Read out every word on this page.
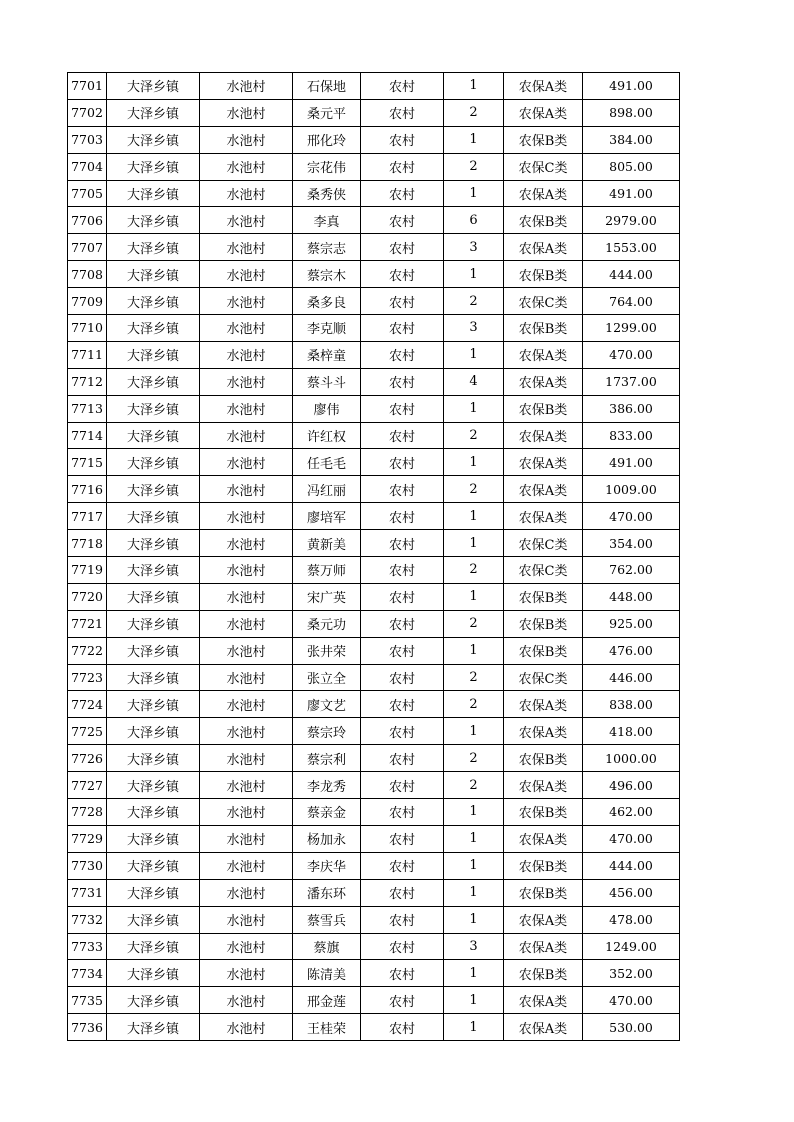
7701	大泽乡镇	水池村	石保地	农村	1	农保A类	491.00
7702	大泽乡镇	水池村	桑元平	农村	2	农保A类	898.00
7703	大泽乡镇	水池村	邢化玲	农村	1	农保B类	384.00
7704	大泽乡镇	水池村	宗花伟	农村	2	农保C类	805.00
7705	大泽乡镇	水池村	桑秀侠	农村	1	农保A类	491.00
7706	大泽乡镇	水池村	李真	农村	6	农保B类	2979.00
7707	大泽乡镇	水池村	蔡宗志	农村	3	农保A类	1553.00
7708	大泽乡镇	水池村	蔡宗木	农村	1	农保B类	444.00
7709	大泽乡镇	水池村	桑多良	农村	2	农保C类	764.00
7710	大泽乡镇	水池村	李克顺	农村	3	农保B类	1299.00
7711	大泽乡镇	水池村	桑梓童	农村	1	农保A类	470.00
7712	大泽乡镇	水池村	蔡斗斗	农村	4	农保A类	1737.00
7713	大泽乡镇	水池村	廖伟	农村	1	农保B类	386.00
7714	大泽乡镇	水池村	许红权	农村	2	农保A类	833.00
7715	大泽乡镇	水池村	任毛毛	农村	1	农保A类	491.00
7716	大泽乡镇	水池村	冯红丽	农村	2	农保A类	1009.00
7717	大泽乡镇	水池村	廖培军	农村	1	农保A类	470.00
7718	大泽乡镇	水池村	黄新美	农村	1	农保C类	354.00
7719	大泽乡镇	水池村	蔡万师	农村	2	农保C类	762.00
7720	大泽乡镇	水池村	宋广英	农村	1	农保B类	448.00
7721	大泽乡镇	水池村	桑元功	农村	2	农保B类	925.00
7722	大泽乡镇	水池村	张井荣	农村	1	农保B类	476.00
7723	大泽乡镇	水池村	张立全	农村	2	农保C类	446.00
7724	大泽乡镇	水池村	廖文艺	农村	2	农保A类	838.00
7725	大泽乡镇	水池村	蔡宗玲	农村	1	农保A类	418.00
7726	大泽乡镇	水池村	蔡宗利	农村	2	农保B类	1000.00
7727	大泽乡镇	水池村	李龙秀	农村	2	农保A类	496.00
7728	大泽乡镇	水池村	蔡亲金	农村	1	农保B类	462.00
7729	大泽乡镇	水池村	杨加永	农村	1	农保A类	470.00
7730	大泽乡镇	水池村	李庆华	农村	1	农保B类	444.00
7731	大泽乡镇	水池村	潘东环	农村	1	农保B类	456.00
7732	大泽乡镇	水池村	蔡雪兵	农村	1	农保A类	478.00
7733	大泽乡镇	水池村	蔡旗	农村	3	农保A类	1249.00
7734	大泽乡镇	水池村	陈清美	农村	1	农保B类	352.00
7735	大泽乡镇	水池村	邢金莲	农村	1	农保A类	470.00
7736	大泽乡镇	水池村	王桂荣	农村	1	农保A类	530.00
